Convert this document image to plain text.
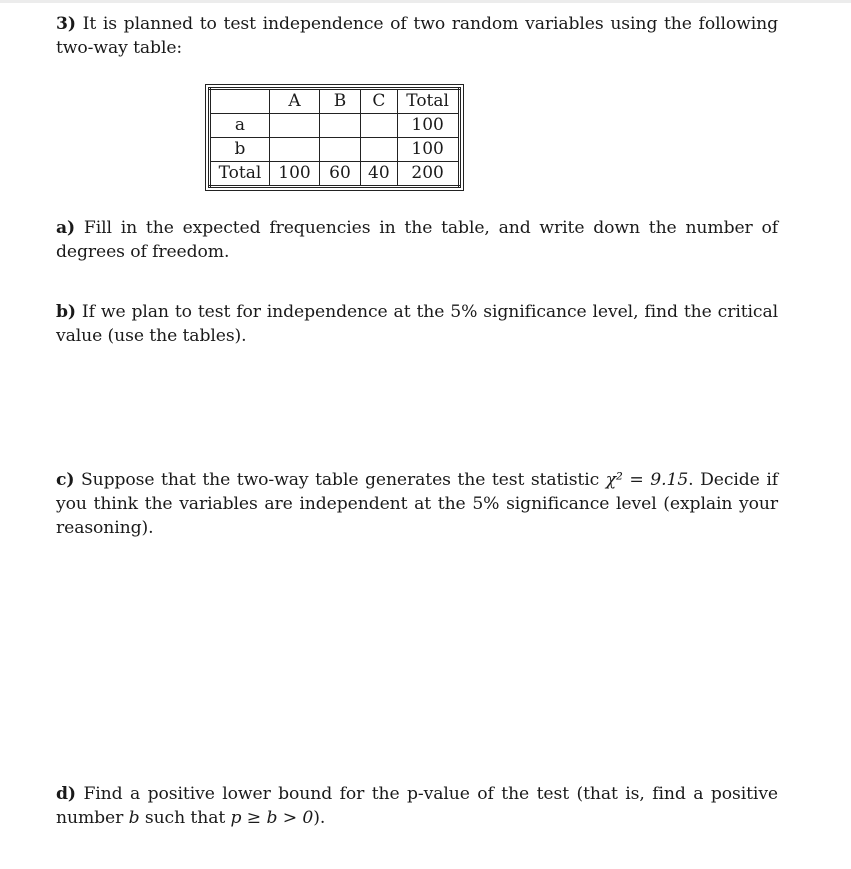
3) It is planned to test independence of two random variables using the following two-way table:
	A	B	C	Total
a				100
b				100
Total	100	60	40	200
a) Fill in the expected frequencies in the table, and write down the number of degrees of freedom.
b) If we plan to test for independence at the 5% significance level, find the critical value (use the tables).
c) Suppose that the two-way table generates the test statistic χ² = 9.15. Decide if you think the variables are independent at the 5% significance level (explain your reasoning).
d) Find a positive lower bound for the p-value of the test (that is, find a positive number b such that p ≥ b > 0).
